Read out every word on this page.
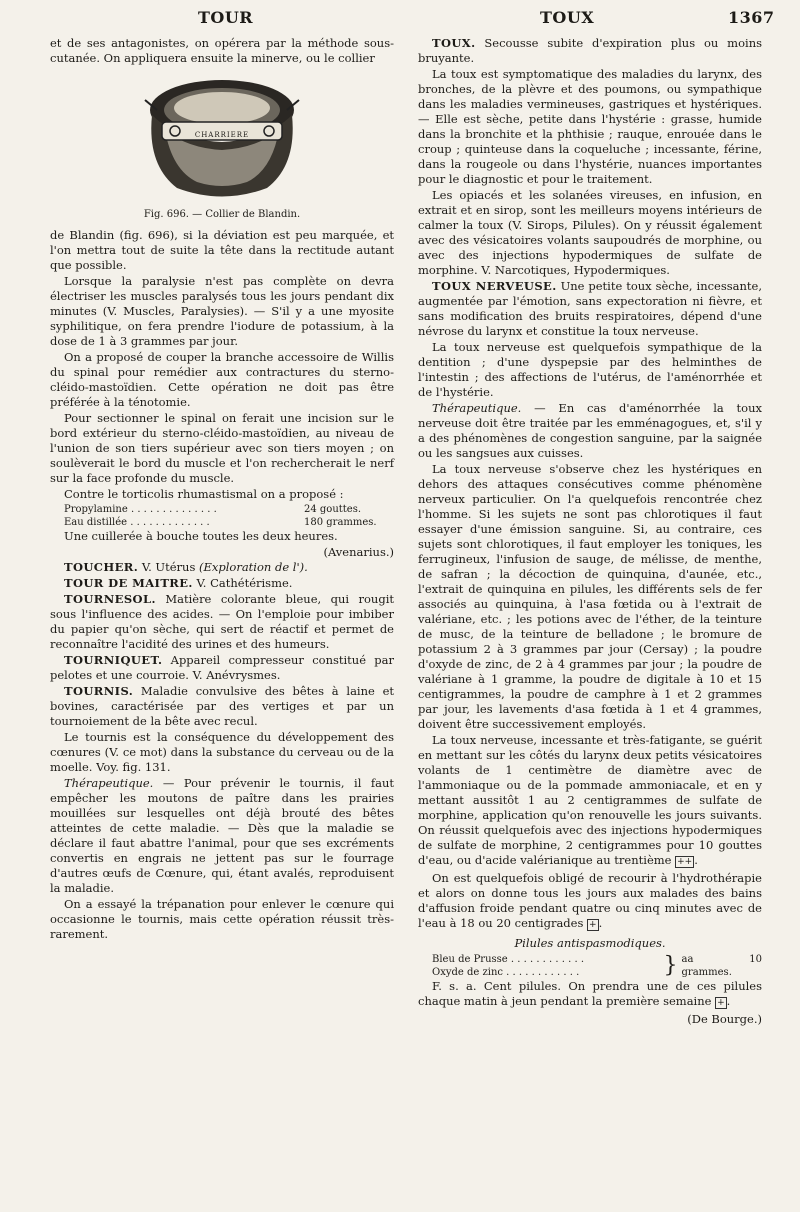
TOUR	TOUX	1367

et de ses antagonistes, on opérera par la méthode sous-cutanée. On appliquera ensuite la minerve, ou le collier

CHARRIERE
Fig. 696. — Collier de Blandin.

de Blandin (fig. 696), si la déviation est peu marquée, et l'on mettra tout de suite la tête dans la rectitude autant que possible.

Lorsque la paralysie n'est pas complète on devra électriser les muscles paralysés tous les jours pendant dix minutes (V. Muscles, Paralysies). — S'il y a une myosite syphilitique, on fera prendre l'iodure de potassium, à la dose de 1 à 3 grammes par jour.

On a proposé de couper la branche accessoire de Willis du spinal pour remédier aux contractures du sterno-cléido-mastoïdien. Cette opération ne doit pas être préférée à la ténotomie.

Pour sectionner le spinal on ferait une incision sur le bord extérieur du sterno-cléido-mastoïdien, au niveau de l'union de son tiers supérieur avec son tiers moyen ; on soulèverait le bord du muscle et l'on rechercherait le nerf sur la face profonde du muscle.

Contre le torticolis rhumastismal on a proposé :

Propylamine . . . . . . . . . . . . . .	24 gouttes.
Eau distillée . . . . . . . . . . . . .	180 grammes.

Une cuillerée à bouche toutes les deux heures.

(Avenarius.)

TOUCHER. V. Utérus (Exploration de l').

TOUR DE MAITRE. V. Cathétérisme.

TOURNESOL. Matière colorante bleue, qui rougit sous l'influence des acides. — On l'emploie pour imbiber du papier qu'on sèche, qui sert de réactif et permet de reconnaître l'acidité des urines et des humeurs.

TOURNIQUET. Appareil compresseur constitué par pelotes et une courroie. V. Anévrysmes.

TOURNIS. Maladie convulsive des bêtes à laine et bovines, caractérisée par des vertiges et par un tournoiement de la bête avec recul.

Le tournis est la conséquence du développement des cœnures (V. ce mot) dans la substance du cerveau ou de la moelle. Voy. fig. 131.

Thérapeutique. — Pour prévenir le tournis, il faut empêcher les moutons de paître dans les prairies mouillées sur lesquelles ont déjà brouté des bêtes atteintes de cette maladie. — Dès que la maladie se déclare il faut abattre l'animal, pour que ses excréments convertis en engrais ne jettent pas sur le fourrage d'autres œufs de Cœnure, qui, étant avalés, reproduisent la maladie.

On a essayé la trépanation pour enlever le cœnure qui occasionne le tournis, mais cette opération réussit très-rarement.

TOUX. Secousse subite d'expiration plus ou moins bruyante.

La toux est symptomatique des maladies du larynx, des bronches, de la plèvre et des poumons, ou sympathique dans les maladies vermineuses, gastriques et hystériques. — Elle est sèche, petite dans l'hystérie : grasse, humide dans la bronchite et la phthisie ; rauque, enrouée dans le croup ; quinteuse dans la coqueluche ; incessante, férine, dans la rougeole ou dans l'hystérie, nuances importantes pour le diagnostic et pour le traitement.

Les opiacés et les solanées vireuses, en infusion, en extrait et en sirop, sont les meilleurs moyens intérieurs de calmer la toux (V. Sirops, Pilules). On y réussit également avec des vésicatoires volants saupoudrés de morphine, ou avec des injections hypodermiques de sulfate de morphine. V. Narcotiques, Hypodermiques.

TOUX NERVEUSE. Une petite toux sèche, incessante, augmentée par l'émotion, sans expectoration ni fièvre, et sans modification des bruits respiratoires, dépend d'une névrose du larynx et constitue la toux nerveuse.

La toux nerveuse est quelquefois sympathique de la dentition ; d'une dyspepsie par des helminthes de l'intestin ; des affections de l'utérus, de l'aménorrhée et de l'hystérie.

Thérapeutique. — En cas d'aménorrhée la toux nerveuse doit être traitée par les emménagogues, et, s'il y a des phénomènes de congestion sanguine, par la saignée ou les sangsues aux cuisses.

La toux nerveuse s'observe chez les hystériques en dehors des attaques consécutives comme phénomène nerveux particulier. On l'a quelquefois rencontrée chez l'homme. Si les sujets ne sont pas chlorotiques il faut essayer d'une émission sanguine. Si, au contraire, ces sujets sont chlorotiques, il faut employer les toniques, les ferrugineux, l'infusion de sauge, de mélisse, de menthe, de safran ; la décoction de quinquina, d'aunée, etc., l'extrait de quinquina en pilules, les différents sels de fer associés au quinquina, à l'asa fœtida ou à l'extrait de valériane, etc. ; les potions avec de l'éther, de la teinture de musc, de la teinture de belladone ; le bromure de potassium 2 à 3 grammes par jour (Cersay) ; la poudre d'oxyde de zinc, de 2 à 4 grammes par jour ; la poudre de valériane à 1 gramme, la poudre de digitale à 10 et 15 centigrammes, la poudre de camphre à 1 et 2 grammes par jour, les lavements d'asa fœtida à 1 et 4 grammes, doivent être successivement employés.

La toux nerveuse, incessante et très-fatigante, se guérit en mettant sur les côtés du larynx deux petits vésicatoires volants de 1 centimètre de diamètre avec de l'ammoniaque ou de la pommade ammoniacale, et en y mettant aussitôt 1 au 2 centigrammes de sulfate de morphine, application qu'on renouvelle les jours suivants. On réussit quelquefois avec des injections hypodermiques de sulfate de morphine, 2 centigrammes pour 10 gouttes d'eau, ou d'acide valérianique au trentième ++ .

On est quelquefois obligé de recourir à l'hydrothérapie et alors on donne tous les jours aux malades des bains d'affusion froide pendant quatre ou cinq minutes avec de l'eau à 18 ou 20 centigrades + .

Pilules antispasmodiques.
Bleu de Prusse . . . . . . . . . . . .
Oxyde de zinc . . . . . . . . . . . .	} aa 10 grammes.

F. s. a. Cent pilules. On prendra une de ces pilules chaque matin à jeun pendant la première semaine + .

(De Bourge.)
